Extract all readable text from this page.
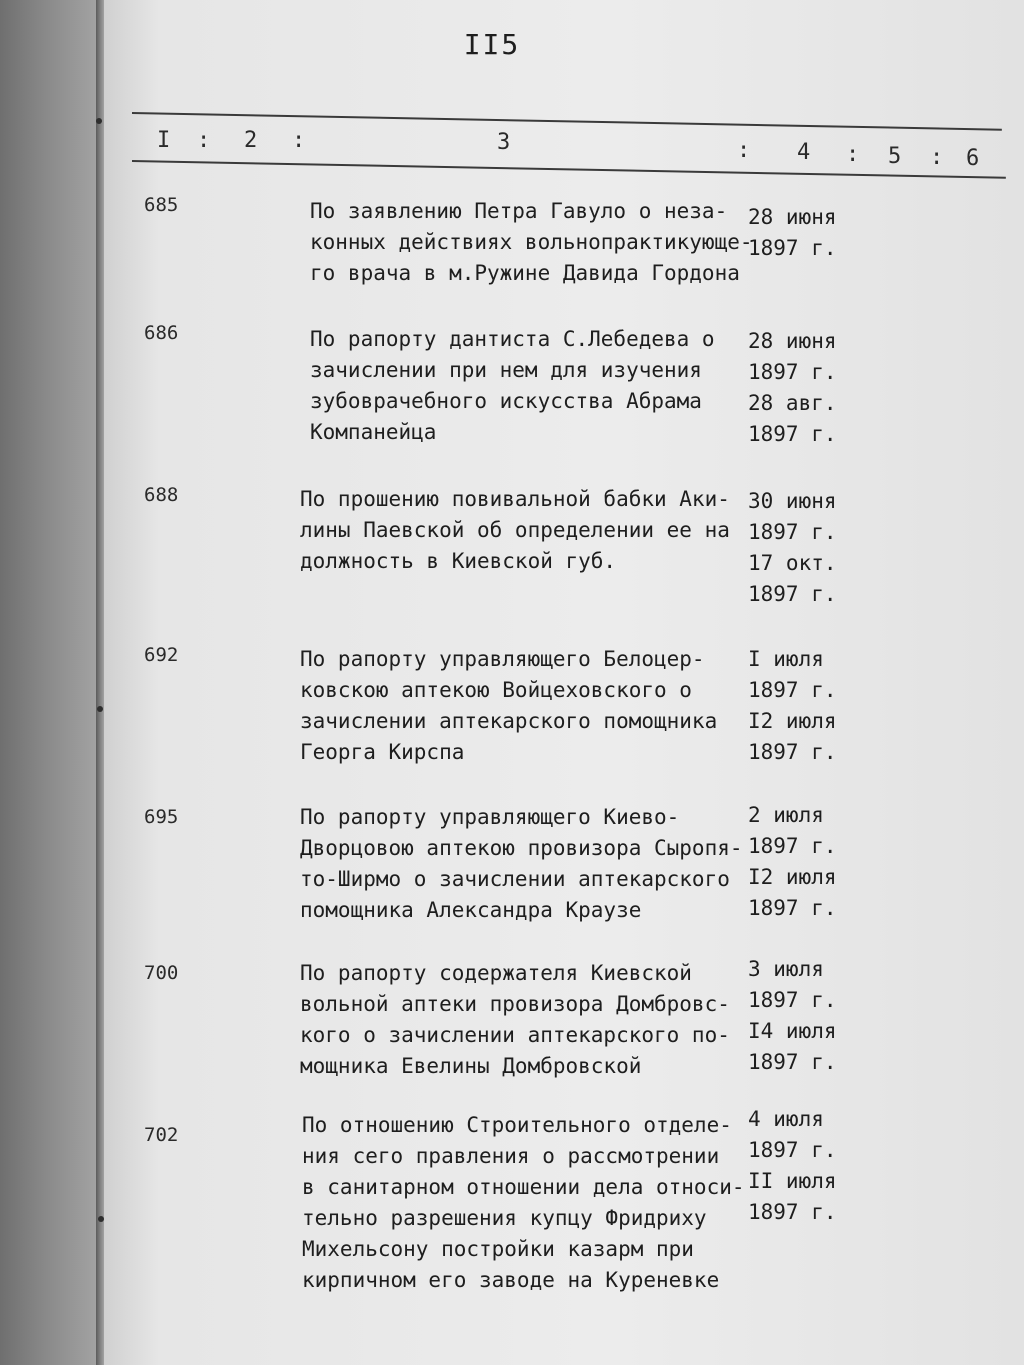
II5
I : 2 :	3	: 4 : 5 : 6
685	По заявлению Петра Гавуло о неза-
конных действиях вольнопрактикующе-
го врача в м.Ружине Давида Гордона
28 июня
1897 г.
686	По рапорту дантиста С.Лебедева о
зачислении при нем для изучения
зубоврачебного искусства Абрама
Компанейца
28 июня
1897 г.
28 авг.
1897 г.
688	По прошению повивальной бабки Аки-
лины Паевской об определении ее на
должность в Киевской губ.
30 июня
1897 г.
17 окт.
1897 г.
692	По рапорту управляющего Белоцер-
ковскою аптекою Войцеховского о
зачислении аптекарского помощника
Георга Кирспа
I июля
1897 г.
I2 июля
1897 г.
695	По рапорту управляющего Киево-
Дворцовою аптекою провизора Сыропя-
то-Ширмо о зачислении аптекарского
помощника Александра Краузе
2 июля
1897 г.
I2 июля
1897 г.
700	По рапорту содержателя Киевской
вольной аптеки провизора Домбровс-
кого о зачислении аптекарского по-
мощника Евелины Домбровской
3 июля
1897 г.
I4 июля
1897 г.
702	По отношению Строительного отделе-
ния сего правления о рассмотрении
в санитарном отношении дела относи-
тельно разрешения купцу Фридриху
Михельсону постройки казарм при
кирпичном его заводе на Куреневке
4 июля
1897 г.
II июля
1897 г.
